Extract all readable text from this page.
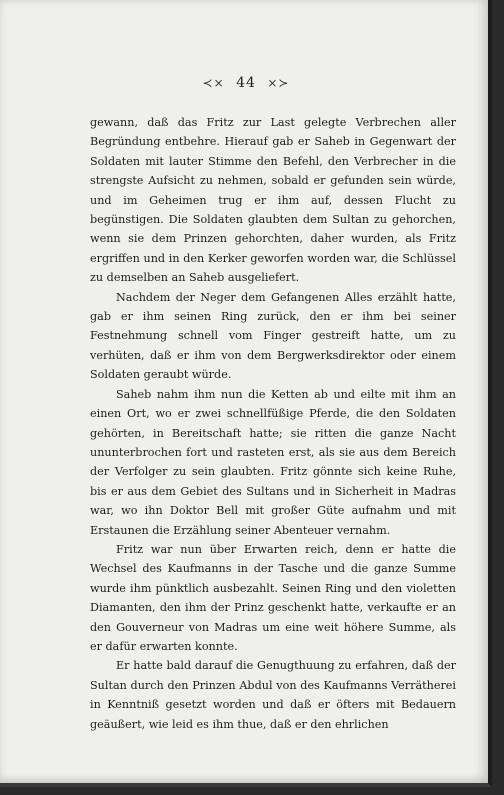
≺× 44 ×≻

gewann, daß das Fritz zur Last gelegte Verbrechen aller Begründung entbehre. Hierauf gab er Saheb in Gegenwart der Soldaten mit lauter Stimme den Befehl, den Verbrecher in die strengste Aufsicht zu nehmen, sobald er gefunden sein würde, und im Geheimen trug er ihm auf, dessen Flucht zu begünstigen. Die Soldaten glaubten dem Sultan zu gehorchen, wenn sie dem Prinzen gehorchten, daher wurden, als Fritz ergriffen und in den Kerker geworfen worden war, die Schlüssel zu demselben an Saheb ausgeliefert.

Nachdem der Neger dem Gefangenen Alles erzählt hatte, gab er ihm seinen Ring zurück, den er ihm bei seiner Festnehmung schnell vom Finger gestreift hatte, um zu verhüten, daß er ihm von dem Bergwerksdirektor oder einem Soldaten geraubt würde.

Saheb nahm ihm nun die Ketten ab und eilte mit ihm an einen Ort, wo er zwei schnellfüßige Pferde, die den Soldaten gehörten, in Bereitschaft hatte; sie ritten die ganze Nacht ununterbrochen fort und rasteten erst, als sie aus dem Bereich der Verfolger zu sein glaubten. Fritz gönnte sich keine Ruhe, bis er aus dem Gebiet des Sultans und in Sicherheit in Madras war, wo ihn Doktor Bell mit großer Güte aufnahm und mit Erstaunen die Erzählung seiner Abenteuer vernahm.

Fritz war nun über Erwarten reich, denn er hatte die Wechsel des Kaufmanns in der Tasche und die ganze Summe wurde ihm pünktlich ausbezahlt. Seinen Ring und den violetten Diamanten, den ihm der Prinz geschenkt hatte, verkaufte er an den Gouverneur von Madras um eine weit höhere Summe, als er dafür erwarten konnte.

Er hatte bald darauf die Genugthuung zu erfahren, daß der Sultan durch den Prinzen Abdul von des Kaufmanns Verrätherei in Kenntniß gesetzt worden und daß er öfters mit Bedauern geäußert, wie leid es ihm thue, daß er den ehrlichen
